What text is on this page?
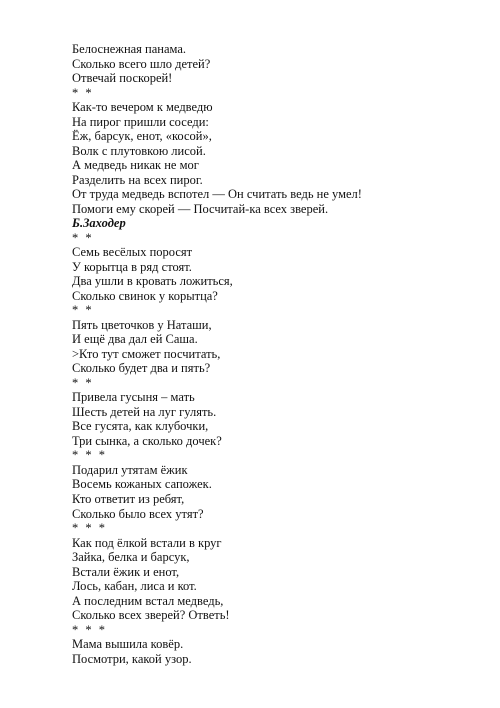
Белоснежная панама.
Сколько всего шло детей?
Отвечай поскорей!
* *
Как-то вечером к медведю
На пирог пришли соседи:
Ёж, барсук, енот, «косой»,
Волк с плутовкою лисой.
А медведь никак не мог
Разделить на всех пирог.
От труда медведь вспотел — Он считать ведь не умел!
Помоги ему скорей — Посчитай-ка всех зверей.
Б.Заходер
* *
Семь весёлых поросят
У корытца в ряд стоят.
Два ушли в кровать ложиться,
Сколько свинок у корытца?
* *
Пять цветочков у Наташи,
И ещё два дал ей Саша.
>Кто тут сможет посчитать,
Сколько будет два и пять?
* *
Привела гусыня – мать
Шесть детей на луг гулять.
Все гусята, как клубочки,
Три сынка, а сколько дочек?
* * *
Подарил утятам ёжик
Восемь кожаных сапожек.
Кто ответит из ребят,
Сколько было всех утят?
* * *
Как под ёлкой встали в круг
Зайка, белка и барсук,
Встали ёжик и енот,
Лось, кабан, лиса и кот.
А последним встал медведь,
Сколько всех зверей? Ответь!
* * *
Мама вышила ковёр.
Посмотри, какой узор.
